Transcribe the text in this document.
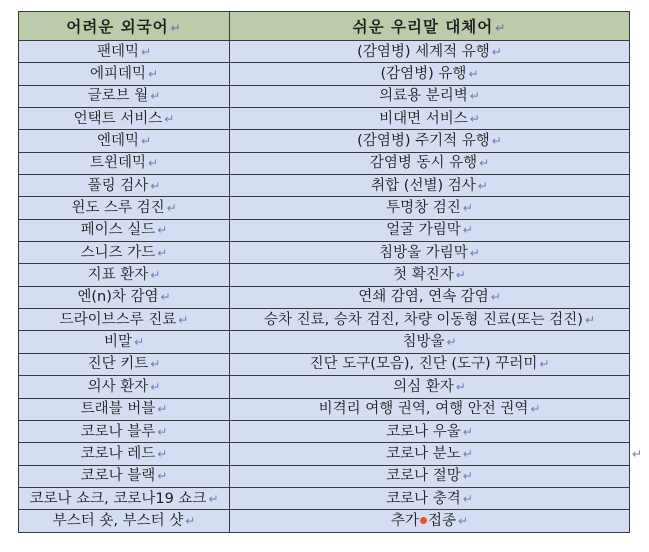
어려운 외국어 ↵	쉬운 우리말 대체어 ↵
팬데믹 ↵	(감염병) 세계적 유행 ↵
에피데믹 ↵	(감염병) 유행 ↵
글로브 월 ↵	의료용 분리벽 ↵
언택트 서비스 ↵	비대면 서비스 ↵
엔데믹 ↵	(감염병) 주기적 유행 ↵
트윈데믹 ↵	감염병 동시 유행 ↵
풀링 검사 ↵	취합 (선별) 검사 ↵
윈도 스루 검진 ↵	투명창 검진 ↵
페이스 실드 ↵	얼굴 가림막 ↵
스니즈 가드 ↵	침방울 가림막 ↵
지표 환자 ↵	첫 확진자 ↵
엔(n)차 감염 ↵	연쇄 감염, 연속 감염 ↵
드라이브스루 진료 ↵	승차 진료, 승차 검진, 차량 이동형 진료(또는 검진) ↵
비말 ↵	침방울 ↵
진단 키트 ↵	진단 도구(모음), 진단 (도구) 꾸러미 ↵
의사 환자 ↵	의심 환자 ↵
트래블 버블 ↵	비격리 여행 권역, 여행 안전 권역 ↵
코로나 블루 ↵	코로나 우울 ↵
코로나 레드 ↵	코로나 분노 ↵
코로나 블랙 ↵	코로나 절망 ↵
코로나 쇼크, 코로나19 쇼크 ↵	코로나 충격 ↵
부스터 숏, 부스터 샷 ↵	추가 접종 ↵
↵
